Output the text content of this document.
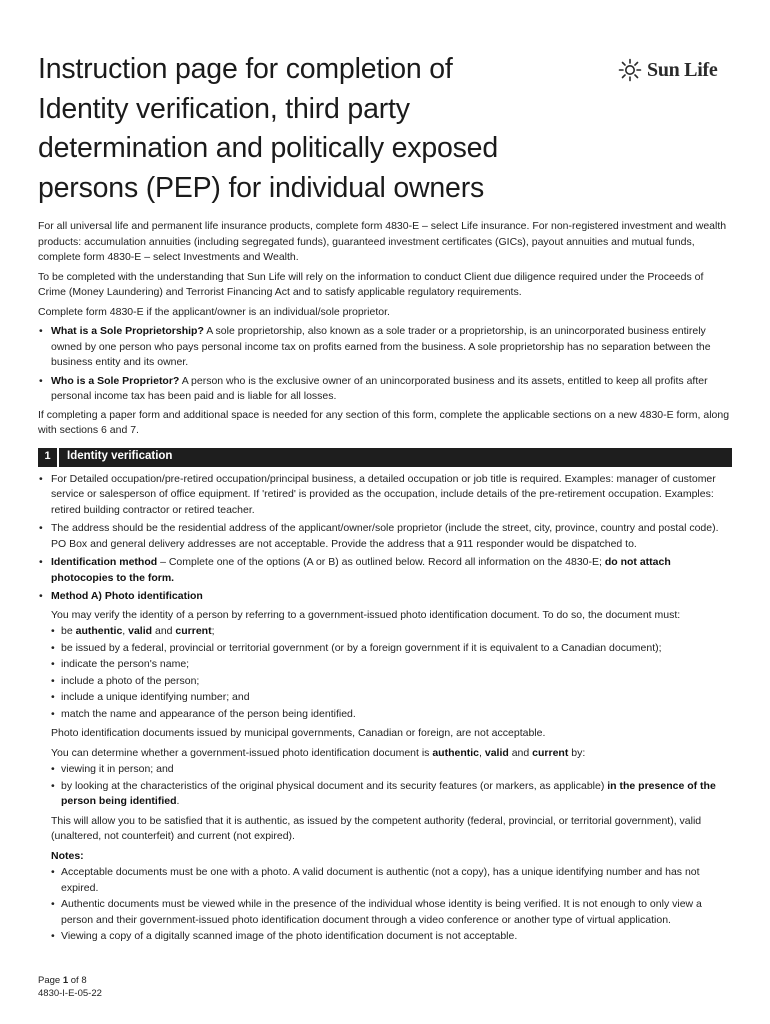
Instruction page for completion of
Identity verification, third party
determination and politically exposed
persons (PEP) for individual owners
Sun Life

For all universal life and permanent life insurance products, complete form 4830-E – select Life insurance. For non-registered investment and wealth products: accumulation annuities (including segregated funds), guaranteed investment certificates (GICs), payout annuities and mutual funds, complete form 4830-E – select Investments and Wealth.

To be completed with the understanding that Sun Life will rely on the information to conduct Client due diligence required under the Proceeds of Crime (Money Laundering) and Terrorist Financing Act and to satisfy applicable regulatory requirements.

Complete form 4830-E if the applicant/owner is an individual/sole proprietor.

• What is a Sole Proprietorship? A sole proprietorship, also known as a sole trader or a proprietorship, is an unincorporated business entirely owned by one person who pays personal income tax on profits earned from the business. A sole proprietorship has no separation between the business entity and its owner.
• Who is a Sole Proprietor? A person who is the exclusive owner of an unincorporated business and its assets, entitled to keep all profits after personal income tax has been paid and is liable for all losses.

If completing a paper form and additional space is needed for any section of this form, complete the applicable sections on a new 4830-E form, along with sections 6 and 7.

1	Identity verification
• For Detailed occupation/pre-retired occupation/principal business, a detailed occupation or job title is required. Examples: manager of customer service or salesperson of office equipment. If 'retired' is provided as the occupation, include details of the pre-retirement occupation. Examples: retired building contractor or retired teacher.
• The address should be the residential address of the applicant/owner/sole proprietor (include the street, city, province, country and postal code). PO Box and general delivery addresses are not acceptable. Provide the address that a 911 responder would be dispatched to.
• Identification method – Complete one of the options (A or B) as outlined below. Record all information on the 4830-E; do not attach photocopies to the form.
• Method A) Photo identification

You may verify the identity of a person by referring to a government-issued photo identification document. To do so, the document must:

• be authentic, valid and current;
• be issued by a federal, provincial or territorial government (or by a foreign government if it is equivalent to a Canadian document);
• indicate the person's name;
• include a photo of the person;
• include a unique identifying number; and
• match the name and appearance of the person being identified.

Photo identification documents issued by municipal governments, Canadian or foreign, are not acceptable.

You can determine whether a government-issued photo identification document is authentic, valid and current by:

• viewing it in person; and
• by looking at the characteristics of the original physical document and its security features (or markers, as applicable) in the presence of the person being identified.

This will allow you to be satisfied that it is authentic, as issued by the competent authority (federal, provincial, or territorial government), valid (unaltered, not counterfeit) and current (not expired).

Notes:

• Acceptable documents must be one with a photo. A valid document is authentic (not a copy), has a unique identifying number and has not expired.
• Authentic documents must be viewed while in the presence of the individual whose identity is being verified. It is not enough to only view a person and their government-issued photo identification document through a video conference or another type of virtual application.
• Viewing a copy of a digitally scanned image of the photo identification document is not acceptable.
Page 1 of 8
4830-I-E-05-22
